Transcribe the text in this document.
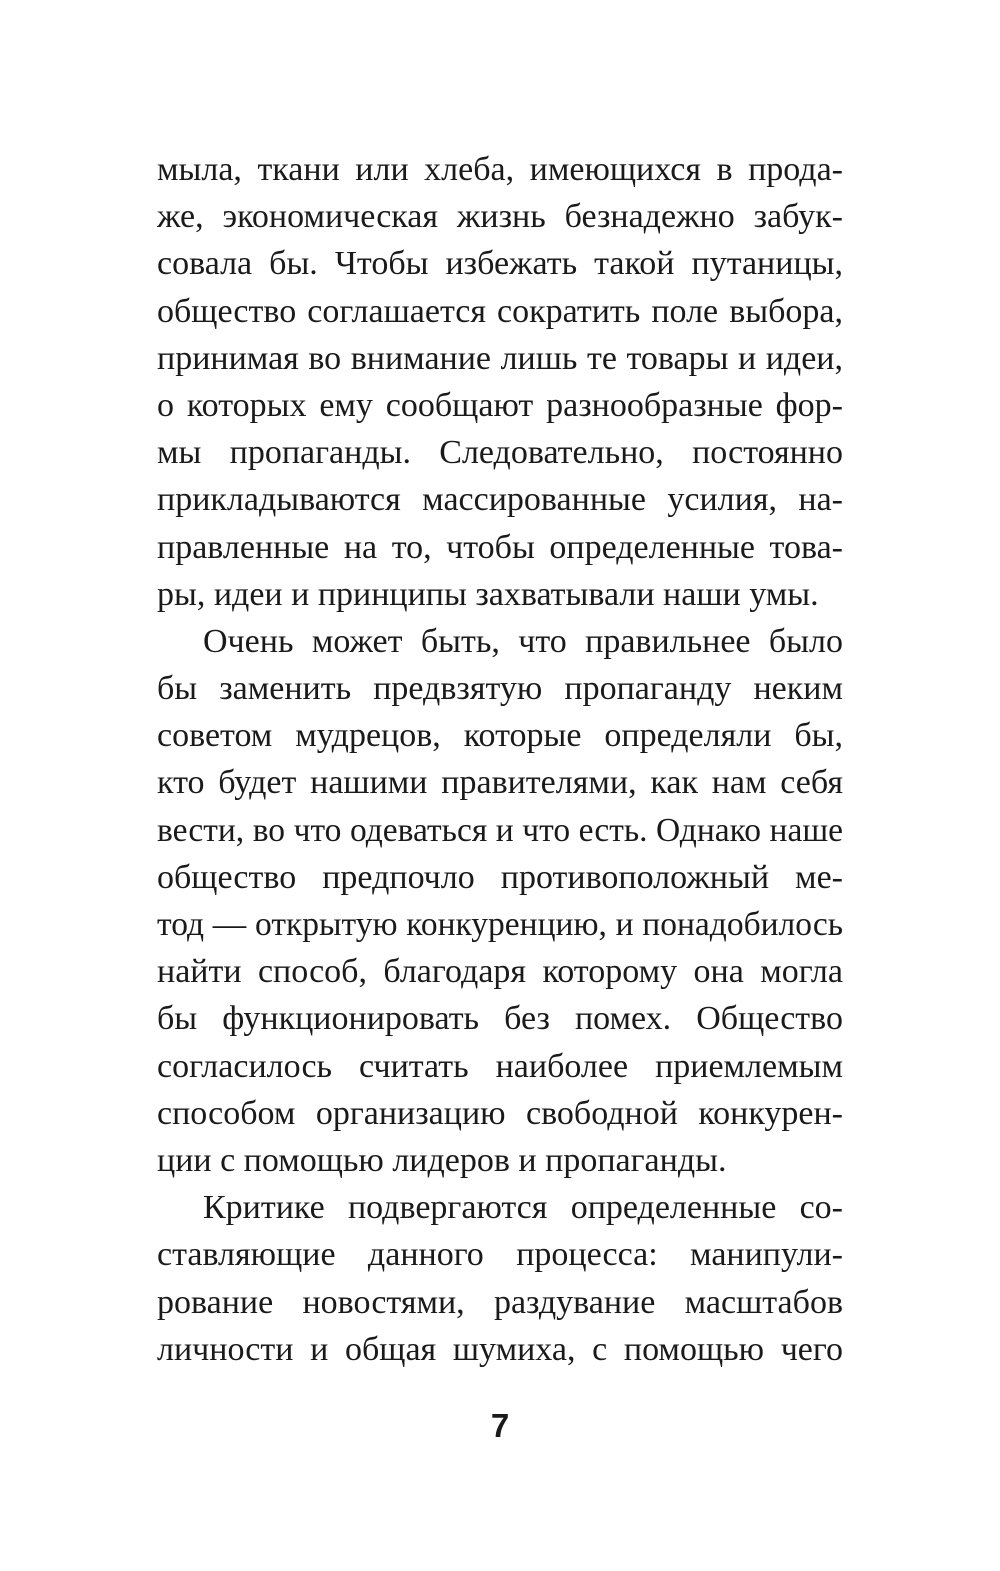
мыла, ткани или хлеба, имеющихся в прода-
же, экономическая жизнь безнадежно забук-
совала бы. Чтобы избежать такой путаницы,
общество соглашается сократить поле выбора,
принимая во внимание лишь те товары и идеи,
о которых ему сообщают разнообразные фор-
мы пропаганды. Следовательно, постоянно
прикладываются массированные усилия, на-
правленные на то, чтобы определенные това-
ры, идеи и принципы захватывали наши умы.
Очень может быть, что правильнее было
бы заменить предвзятую пропаганду неким
советом мудрецов, которые определяли бы,
кто будет нашими правителями, как нам себя
вести, во что одеваться и что есть. Однако наше
общество предпочло противоположный ме-
тод — открытую конкуренцию, и понадобилось
найти способ, благодаря которому она могла
бы функционировать без помех. Общество
согласилось считать наиболее приемлемым
способом организацию свободной конкурен-
ции с помощью лидеров и пропаганды.
Критике подвергаются определенные со-
ставляющие данного процесса: манипули-
рование новостями, раздувание масштабов
личности и общая шумиха, с помощью чего
7
